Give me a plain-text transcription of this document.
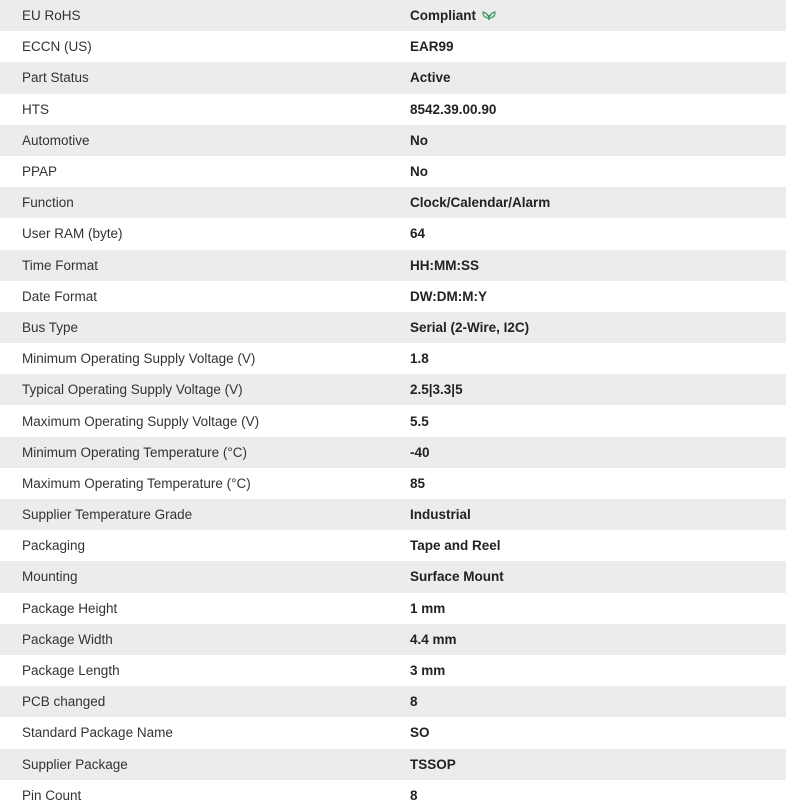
EU RoHS	Compliant
ECCN (US)	EAR99
Part Status	Active
HTS	8542.39.00.90
Automotive	No
PPAP	No
Function	Clock/Calendar/Alarm
User RAM (byte)	64
Time Format	HH:MM:SS
Date Format	DW:DM:M:Y
Bus Type	Serial (2-Wire, I2C)
Minimum Operating Supply Voltage (V)	1.8
Typical Operating Supply Voltage (V)	2.5|3.3|5
Maximum Operating Supply Voltage (V)	5.5
Minimum Operating Temperature (°C)	-40
Maximum Operating Temperature (°C)	85
Supplier Temperature Grade	Industrial
Packaging	Tape and Reel
Mounting	Surface Mount
Package Height	1 mm
Package Width	4.4 mm
Package Length	3 mm
PCB changed	8
Standard Package Name	SO
Supplier Package	TSSOP
Pin Count	8
